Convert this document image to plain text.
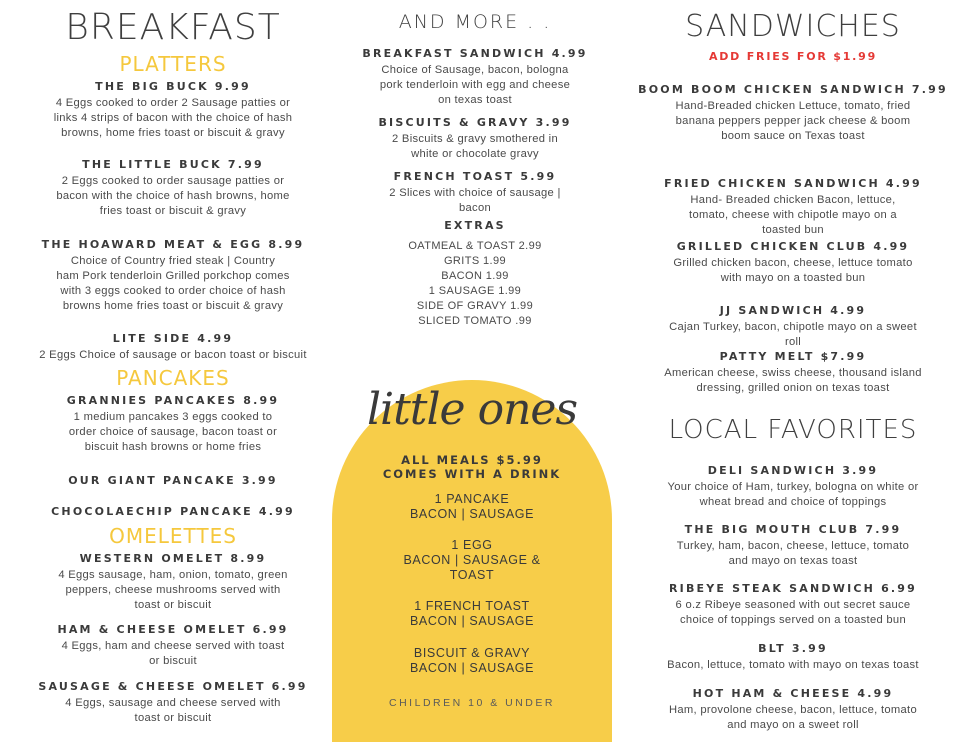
BREAKFAST
PLATTERS
THE BIG BUCK 9.99
4 Eggs cooked to order 2 Sausage patties or
links 4 strips of bacon with the choice of hash
browns, home fries toast or biscuit & gravy
THE LITTLE BUCK 7.99
2 Eggs cooked to order sausage patties or
bacon with the choice of hash browns, home
fries toast or biscuit & gravy
THE HOAWARD MEAT & EGG 8.99
Choice of Country fried steak | Country
ham Pork tenderloin Grilled porkchop comes
with 3 eggs cooked to order choice of hash
browns home fries toast or biscuit & gravy
LITE SIDE 4.99
2 Eggs Choice of sausage or bacon toast or biscuit
PANCAKES
GRANNIES PANCAKES 8.99
1 medium pancakes 3 eggs cooked to
order choice of sausage, bacon toast or
biscuit hash browns or home fries
OUR GIANT PANCAKE 3.99
CHOCOLAECHIP PANCAKE 4.99
OMELETTES
WESTERN OMELET 8.99
4 Eggs sausage, ham, onion, tomato, green
peppers, cheese mushrooms served with
toast or biscuit
HAM & CHEESE OMELET 6.99
4 Eggs, ham and cheese served with toast
or biscuit
SAUSAGE & CHEESE OMELET 6.99
4 Eggs, sausage and cheese served with
toast or biscuit
AND MORE . .
BREAKFAST SANDWICH 4.99
Choice of Sausage, bacon, bologna
pork tenderloin with egg and cheese
on texas toast
BISCUITS & GRAVY 3.99
2 Biscuits & gravy smothered in
white or chocolate gravy
FRENCH TOAST 5.99
2 Slices with choice of sausage |
bacon
EXTRAS
OATMEAL & TOAST 2.99
GRITS 1.99
BACON 1.99
1 SAUSAGE 1.99
SIDE OF GRAVY 1.99
SLICED TOMATO .99
little ones
ALL MEALS $5.99
COMES WITH A DRINK
1 PANCAKE
BACON | SAUSAGE
1 EGG
BACON | SAUSAGE &
TOAST
1 FRENCH TOAST
BACON | SAUSAGE
BISCUIT & GRAVY
BACON | SAUSAGE
CHILDREN 10 & UNDER
SANDWICHES
ADD FRIES FOR $1.99
BOOM BOOM CHICKEN SANDWICH 7.99
Hand-Breaded chicken Lettuce, tomato, fried
banana peppers pepper jack cheese & boom
boom sauce on Texas toast
FRIED CHICKEN SANDWICH 4.99
Hand- Breaded chicken Bacon, lettuce,
tomato, cheese with chipotle mayo on a
toasted bun
GRILLED CHICKEN CLUB 4.99
Grilled chicken bacon, cheese, lettuce tomato
with mayo on a toasted bun
JJ SANDWICH 4.99
Cajan Turkey, bacon, chipotle mayo on a sweet
roll
PATTY MELT $7.99
American cheese, swiss cheese, thousand island
dressing, grilled onion on texas toast
LOCAL FAVORITES
DELI SANDWICH 3.99
Your choice of Ham, turkey, bologna on white or
wheat bread and choice of toppings
THE BIG MOUTH CLUB 7.99
Turkey, ham, bacon, cheese, lettuce, tomato
and mayo on texas toast
RIBEYE STEAK SANDWICH 6.99
6 o.z Ribeye seasoned with out secret sauce
choice of toppings served on a toasted bun
BLT 3.99
Bacon, lettuce, tomato with mayo on texas toast
HOT HAM & CHEESE 4.99
Ham, provolone cheese, bacon, lettuce, tomato
and mayo on a sweet roll
